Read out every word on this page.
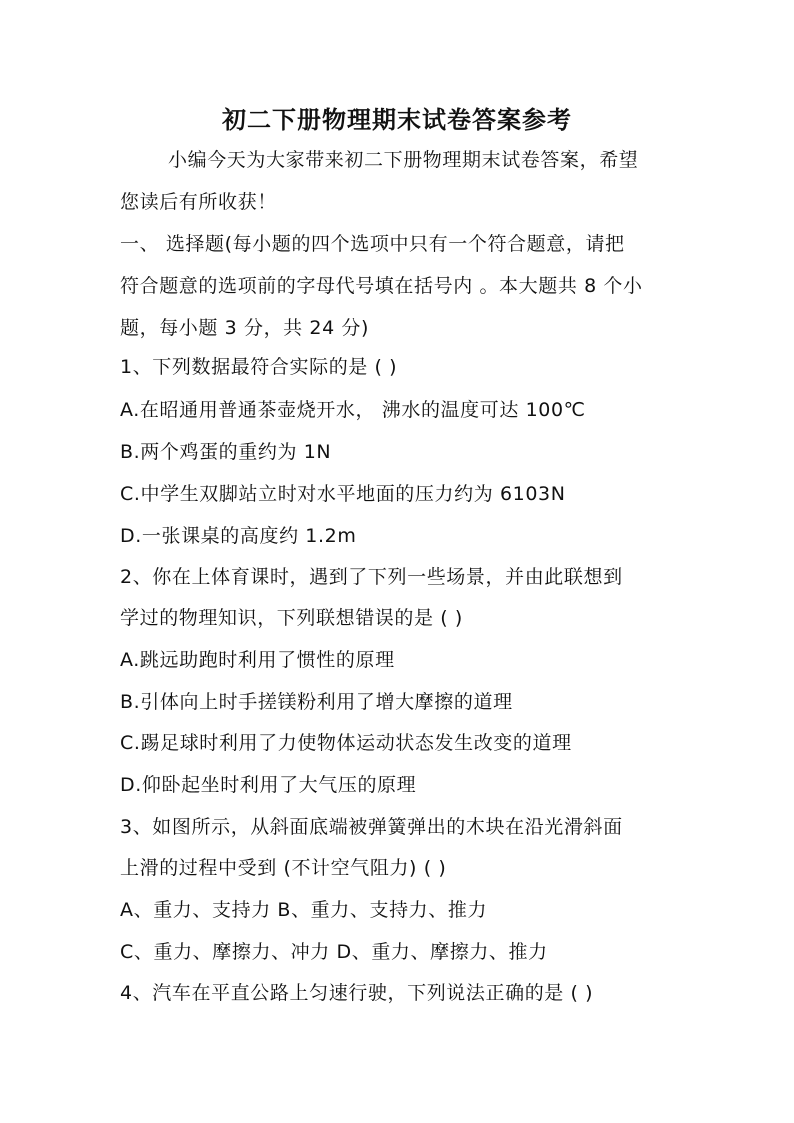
初二下册物理期末试卷答案参考
小编今天为大家带来初二下册物理期末试卷答案，希望
您读后有所收获！
一、 选择题(每小题的四个选项中只有一个符合题意，请把
符合题意的选项前的字母代号填在括号内 。本大题共 8 个小
题，每小题 3 分，共 24 分)
1、下列数据最符合实际的是 ( )
A.在昭通用普通茶壶烧开水， 沸水的温度可达 100℃
B.两个鸡蛋的重约为 1N
C.中学生双脚站立时对水平地面的压力约为 6103N
D.一张课桌的高度约 1.2m
2、你在上体育课时，遇到了下列一些场景，并由此联想到
学过的物理知识，下列联想错误的是 ( )
A.跳远助跑时利用了惯性的原理
B.引体向上时手搓镁粉利用了增大摩擦的道理
C.踢足球时利用了力使物体运动状态发生改变的道理
D.仰卧起坐时利用了大气压的原理
3、如图所示，从斜面底端被弹簧弹出的木块在沿光滑斜面
上滑的过程中受到 (不计空气阻力) ( )
A、重力、支持力 B、重力、支持力、推力
C、重力、摩擦力、冲力 D、重力、摩擦力、推力
4、汽车在平直公路上匀速行驶，下列说法正确的是 ( )
